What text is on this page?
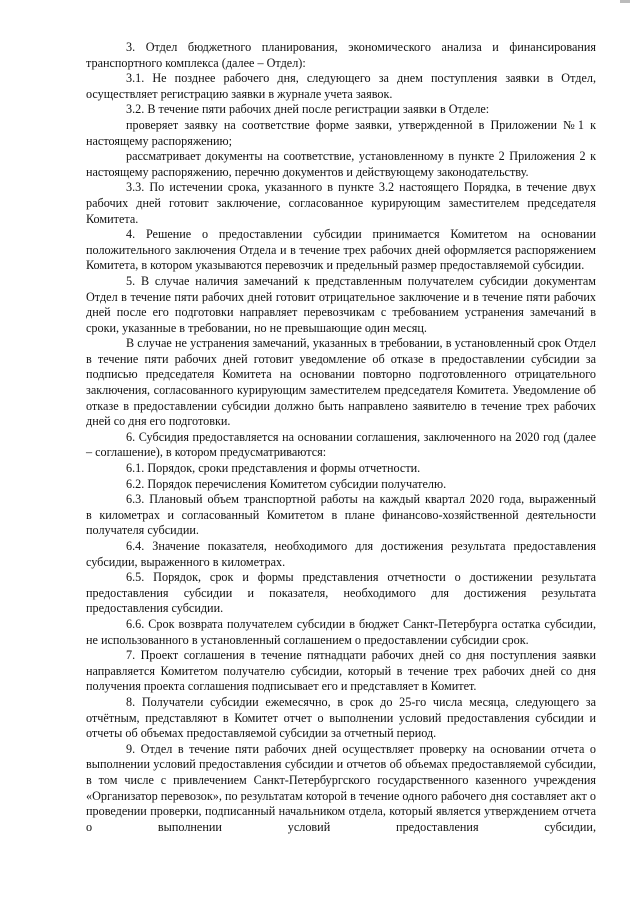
3. Отдел бюджетного планирования, экономического анализа и финансирования транспортного комплекса (далее – Отдел):

3.1. Не позднее рабочего дня, следующего за днем поступления заявки в Отдел, осуществляет регистрацию заявки в журнале учета заявок.

3.2. В течение пяти рабочих дней после регистрации заявки в Отделе:

проверяет заявку на соответствие форме заявки, утвержденной в Приложении №1 к настоящему распоряжению;

рассматривает документы на соответствие, установленному в пункте 2 Приложения 2 к настоящему распоряжению, перечню документов и действующему законодательству.

3.3. По истечении срока, указанного в пункте 3.2 настоящего Порядка, в течение двух рабочих дней готовит заключение, согласованное курирующим заместителем председателя Комитета.

4. Решение о предоставлении субсидии принимается Комитетом на основании положительного заключения Отдела и в течение трех рабочих дней оформляется распоряжением Комитета, в котором указываются перевозчик и предельный размер предоставляемой субсидии.

5. В случае наличия замечаний к представленным получателем субсидии документам Отдел в течение пяти рабочих дней готовит отрицательное заключение и в течение пяти рабочих дней после его подготовки направляет перевозчикам с требованием устранения замечаний в сроки, указанные в требовании, но не превышающие один месяц.

В случае не устранения замечаний, указанных в требовании, в установленный срок Отдел в течение пяти рабочих дней готовит уведомление об отказе в предоставлении субсидии за подписью председателя Комитета на основании повторно подготовленного отрицательного заключения, согласованного курирующим заместителем председателя Комитета. Уведомление об отказе в предоставлении субсидии должно быть направлено заявителю в течение трех рабочих дней со дня его подготовки.

6. Субсидия предоставляется на основании соглашения, заключенного на 2020 год (далее – соглашение), в котором предусматриваются:

6.1. Порядок, сроки представления и формы отчетности.

6.2. Порядок перечисления Комитетом субсидии получателю.

6.3. Плановый объем транспортной работы на каждый квартал 2020 года, выраженный

в километрах и согласованный Комитетом в плане финансово-хозяйственной деятельности получателя субсидии.

6.4. Значение показателя, необходимого для достижения результата предоставления субсидии, выраженного в километрах.

6.5. Порядок, срок и формы представления отчетности о достижении результата предоставления субсидии и показателя, необходимого для достижения результата предоставления субсидии.

6.6. Срок возврата получателем субсидии в бюджет Санкт-Петербурга остатка субсидии, не использованного в установленный соглашением о предоставлении субсидии срок.

7. Проект соглашения в течение пятнадцати рабочих дней со дня поступления заявки направляется Комитетом получателю субсидии, который в течение трех рабочих дней со дня получения проекта соглашения подписывает его и представляет в Комитет.

8. Получатели субсидии ежемесячно, в срок до 25-го числа месяца, следующего за отчётным, представляют в Комитет отчет о выполнении условий предоставления субсидии и отчеты об объемах предоставляемой субсидии за отчетный период.

9. Отдел в течение пяти рабочих дней осуществляет проверку на основании отчета о выполнении условий предоставления субсидии и отчетов об объемах предоставляемой субсидии, в том числе с привлечением Санкт-Петербургского государственного казенного учреждения «Организатор перевозок», по результатам которой в течение одного рабочего дня составляет акт о проведении проверки, подписанный начальником отдела, который является утверждением отчета о выполнении условий предоставления субсидии,
